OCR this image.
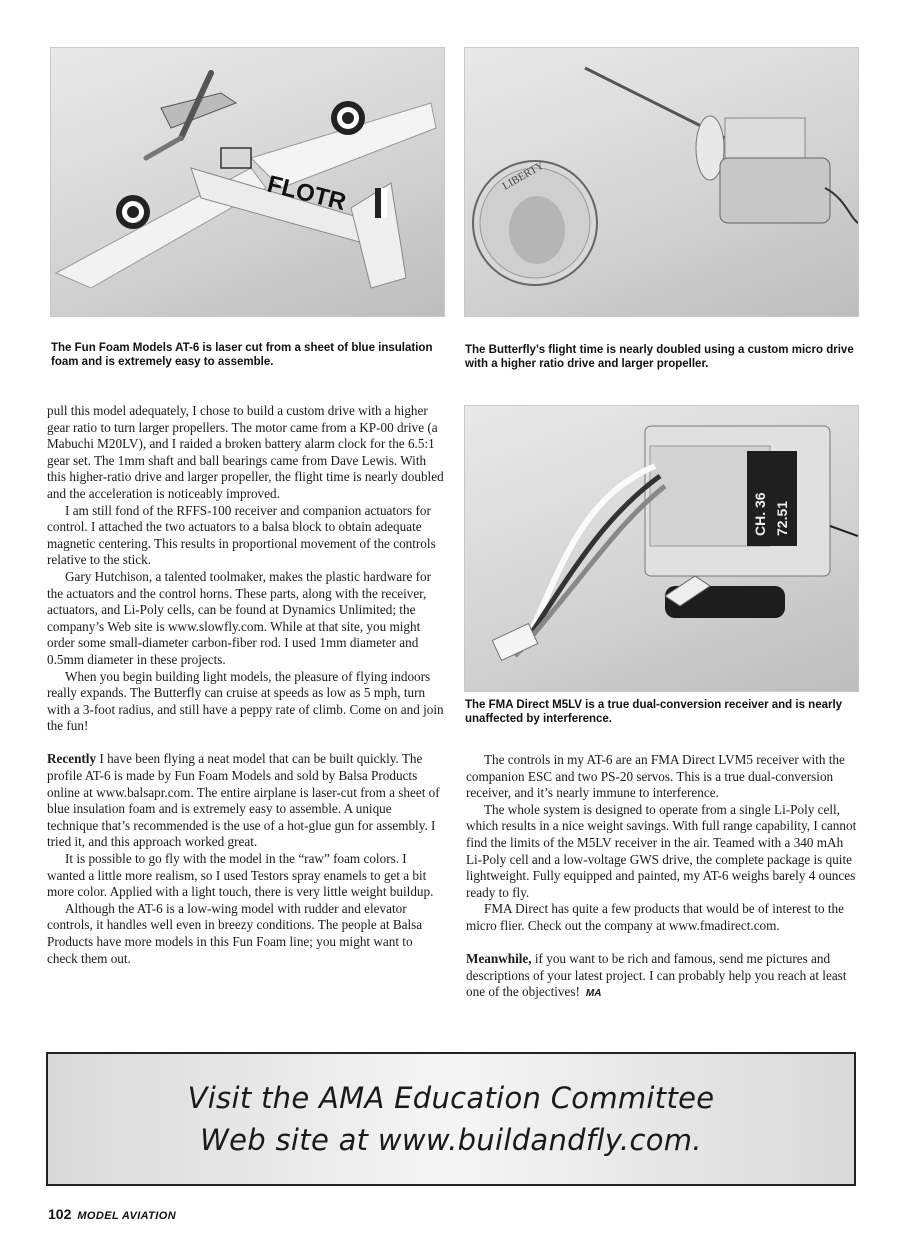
FLOTR	LIBERTY
The Fun Foam Models AT-6 is laser cut from a sheet of blue insulation foam and is extremely easy to assemble.
The Butterfly’s flight time is nearly doubled using a custom micro drive with a higher ratio drive and larger propeller.
CH. 36 72.51
The FMA Direct M5LV is a true dual-conversion receiver and is nearly unaffected by interference.

pull this model adequately, I chose to build a custom drive with a higher gear ratio to turn larger propellers. The motor came from a KP-00 drive (a Mabuchi M20LV), and I raided a broken battery alarm clock for the 6.5:1 gear set. The 1mm shaft and ball bearings came from Dave Lewis. With this higher-ratio drive and larger propeller, the flight time is nearly doubled and the acceleration is noticeably improved.

I am still fond of the RFFS-100 receiver and companion actuators for control. I attached the two actuators to a balsa block to obtain adequate magnetic centering. This results in proportional movement of the controls relative to the stick.

Gary Hutchison, a talented toolmaker, makes the plastic hardware for the actuators and the control horns. These parts, along with the receiver, actuators, and Li-Poly cells, can be found at Dynamics Unlimited; the company’s Web site is www.slowfly.com. While at that site, you might order some small-diameter carbon-fiber rod. I used 1mm diameter and 0.5mm diameter in these projects.

When you begin building light models, the pleasure of flying indoors really expands. The Butterfly can cruise at speeds as low as 5 mph, turn with a 3-foot radius, and still have a peppy rate of climb. Come on and join the fun!

Recently I have been flying a neat model that can be built quickly. The profile AT-6 is made by Fun Foam Models and sold by Balsa Products online at www.balsapr.com. The entire airplane is laser-cut from a sheet of blue insulation foam and is extremely easy to assemble. A unique technique that’s recommended is the use of a hot-glue gun for assembly. I tried it, and this approach worked great.

It is possible to go fly with the model in the “raw” foam colors. I wanted a little more realism, so I used Testors spray enamels to get a bit more color. Applied with a light touch, there is very little weight buildup.

Although the AT-6 is a low-wing model with rudder and elevator controls, it handles well even in breezy conditions. The people at Balsa Products have more models in this Fun Foam line; you might want to check them out.

The controls in my AT-6 are an FMA Direct LVM5 receiver with the companion ESC and two PS-20 servos. This is a true dual-conversion receiver, and it’s nearly immune to interference.

The whole system is designed to operate from a single Li-Poly cell, which results in a nice weight savings. With full range capability, I cannot find the limits of the M5LV receiver in the air. Teamed with a 340 mAh Li-Poly cell and a low-voltage GWS drive, the complete package is quite lightweight. Fully equipped and painted, my AT-6 weighs barely 4 ounces ready to fly.

FMA Direct has quite a few products that would be of interest to the micro flier. Check out the company at www.fmadirect.com.

Meanwhile, if you want to be rich and famous, send me pictures and descriptions of your latest project. I can probably help you reach at least one of the objectives! MA

Visit the AMA Education Committee
Web site at www.buildandfly.com.
102 MODEL AVIATION
